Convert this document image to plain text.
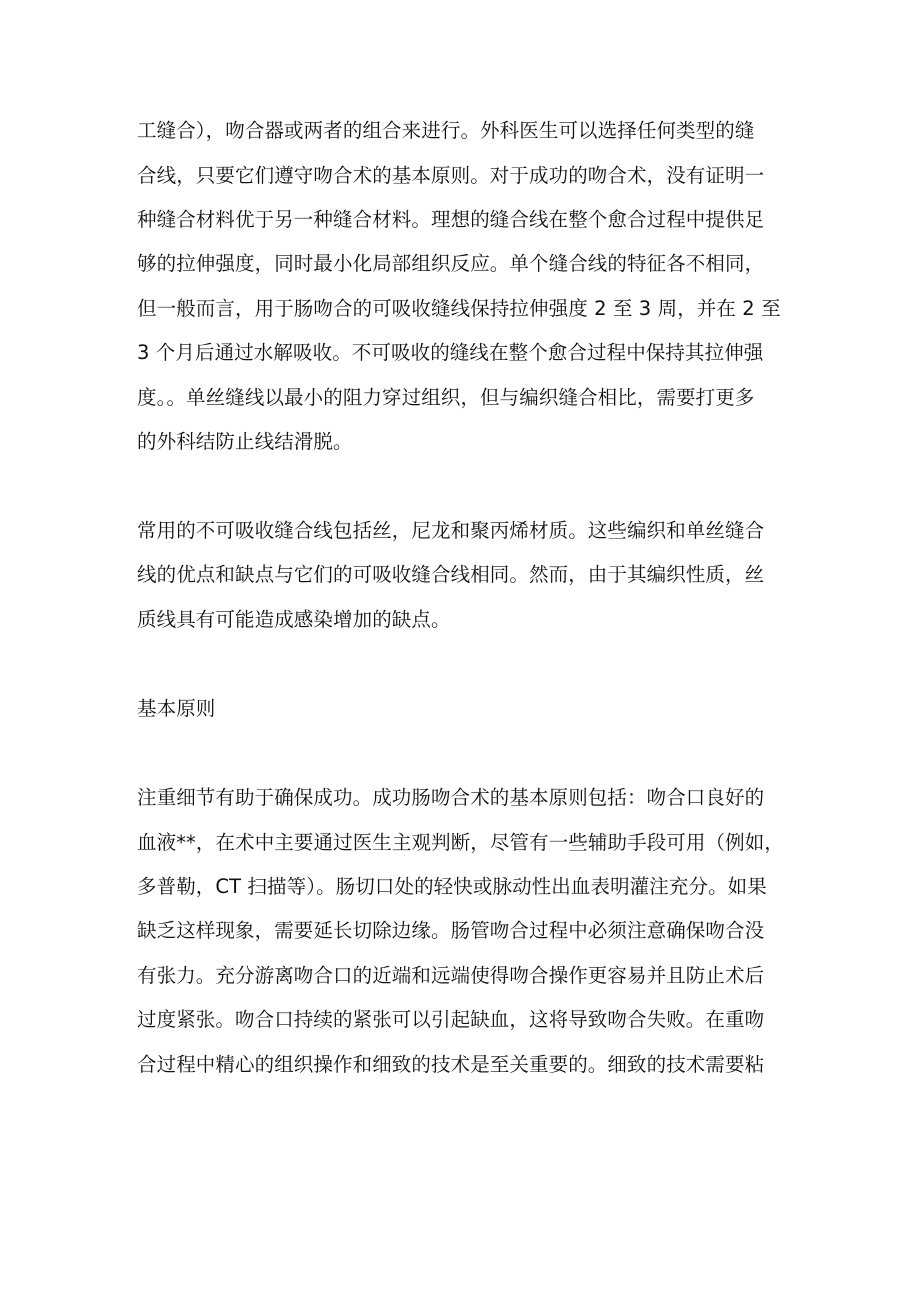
工缝合），吻合器或两者的组合来进行。外科医生可以选择任何类型的缝

合线，只要它们遵守吻合术的基本原则。对于成功的吻合术，没有证明一

种缝合材料优于另一种缝合材料。理想的缝合线在整个愈合过程中提供足

够的拉伸强度，同时最小化局部组织反应。单个缝合线的特征各不相同，

但一般而言，用于肠吻合的可吸收缝线保持拉伸强度 2 至 3 周，并在 2 至

3 个月后通过水解吸收。不可吸收的缝线在整个愈合过程中保持其拉伸强

度。。单丝缝线以最小的阻力穿过组织，但与编织缝合相比，需要打更多

的外科结防止线结滑脱。

常用的不可吸收缝合线包括丝，尼龙和聚丙烯材质。这些编织和单丝缝合

线的优点和缺点与它们的可吸收缝合线相同。然而，由于其编织性质，丝

质线具有可能造成感染增加的缺点。

基本原则

注重细节有助于确保成功。成功肠吻合术的基本原则包括：吻合口良好的

血液**，在术中主要通过医生主观判断，尽管有一些辅助手段可用（例如，

多普勒，CT 扫描等）。肠切口处的轻快或脉动性出血表明灌注充分。如果

缺乏这样现象，需要延长切除边缘。肠管吻合过程中必须注意确保吻合没

有张力。充分游离吻合口的近端和远端使得吻合操作更容易并且防止术后

过度紧张。吻合口持续的紧张可以引起缺血，这将导致吻合失败。在重吻

合过程中精心的组织操作和细致的技术是至关重要的。细致的技术需要粘
